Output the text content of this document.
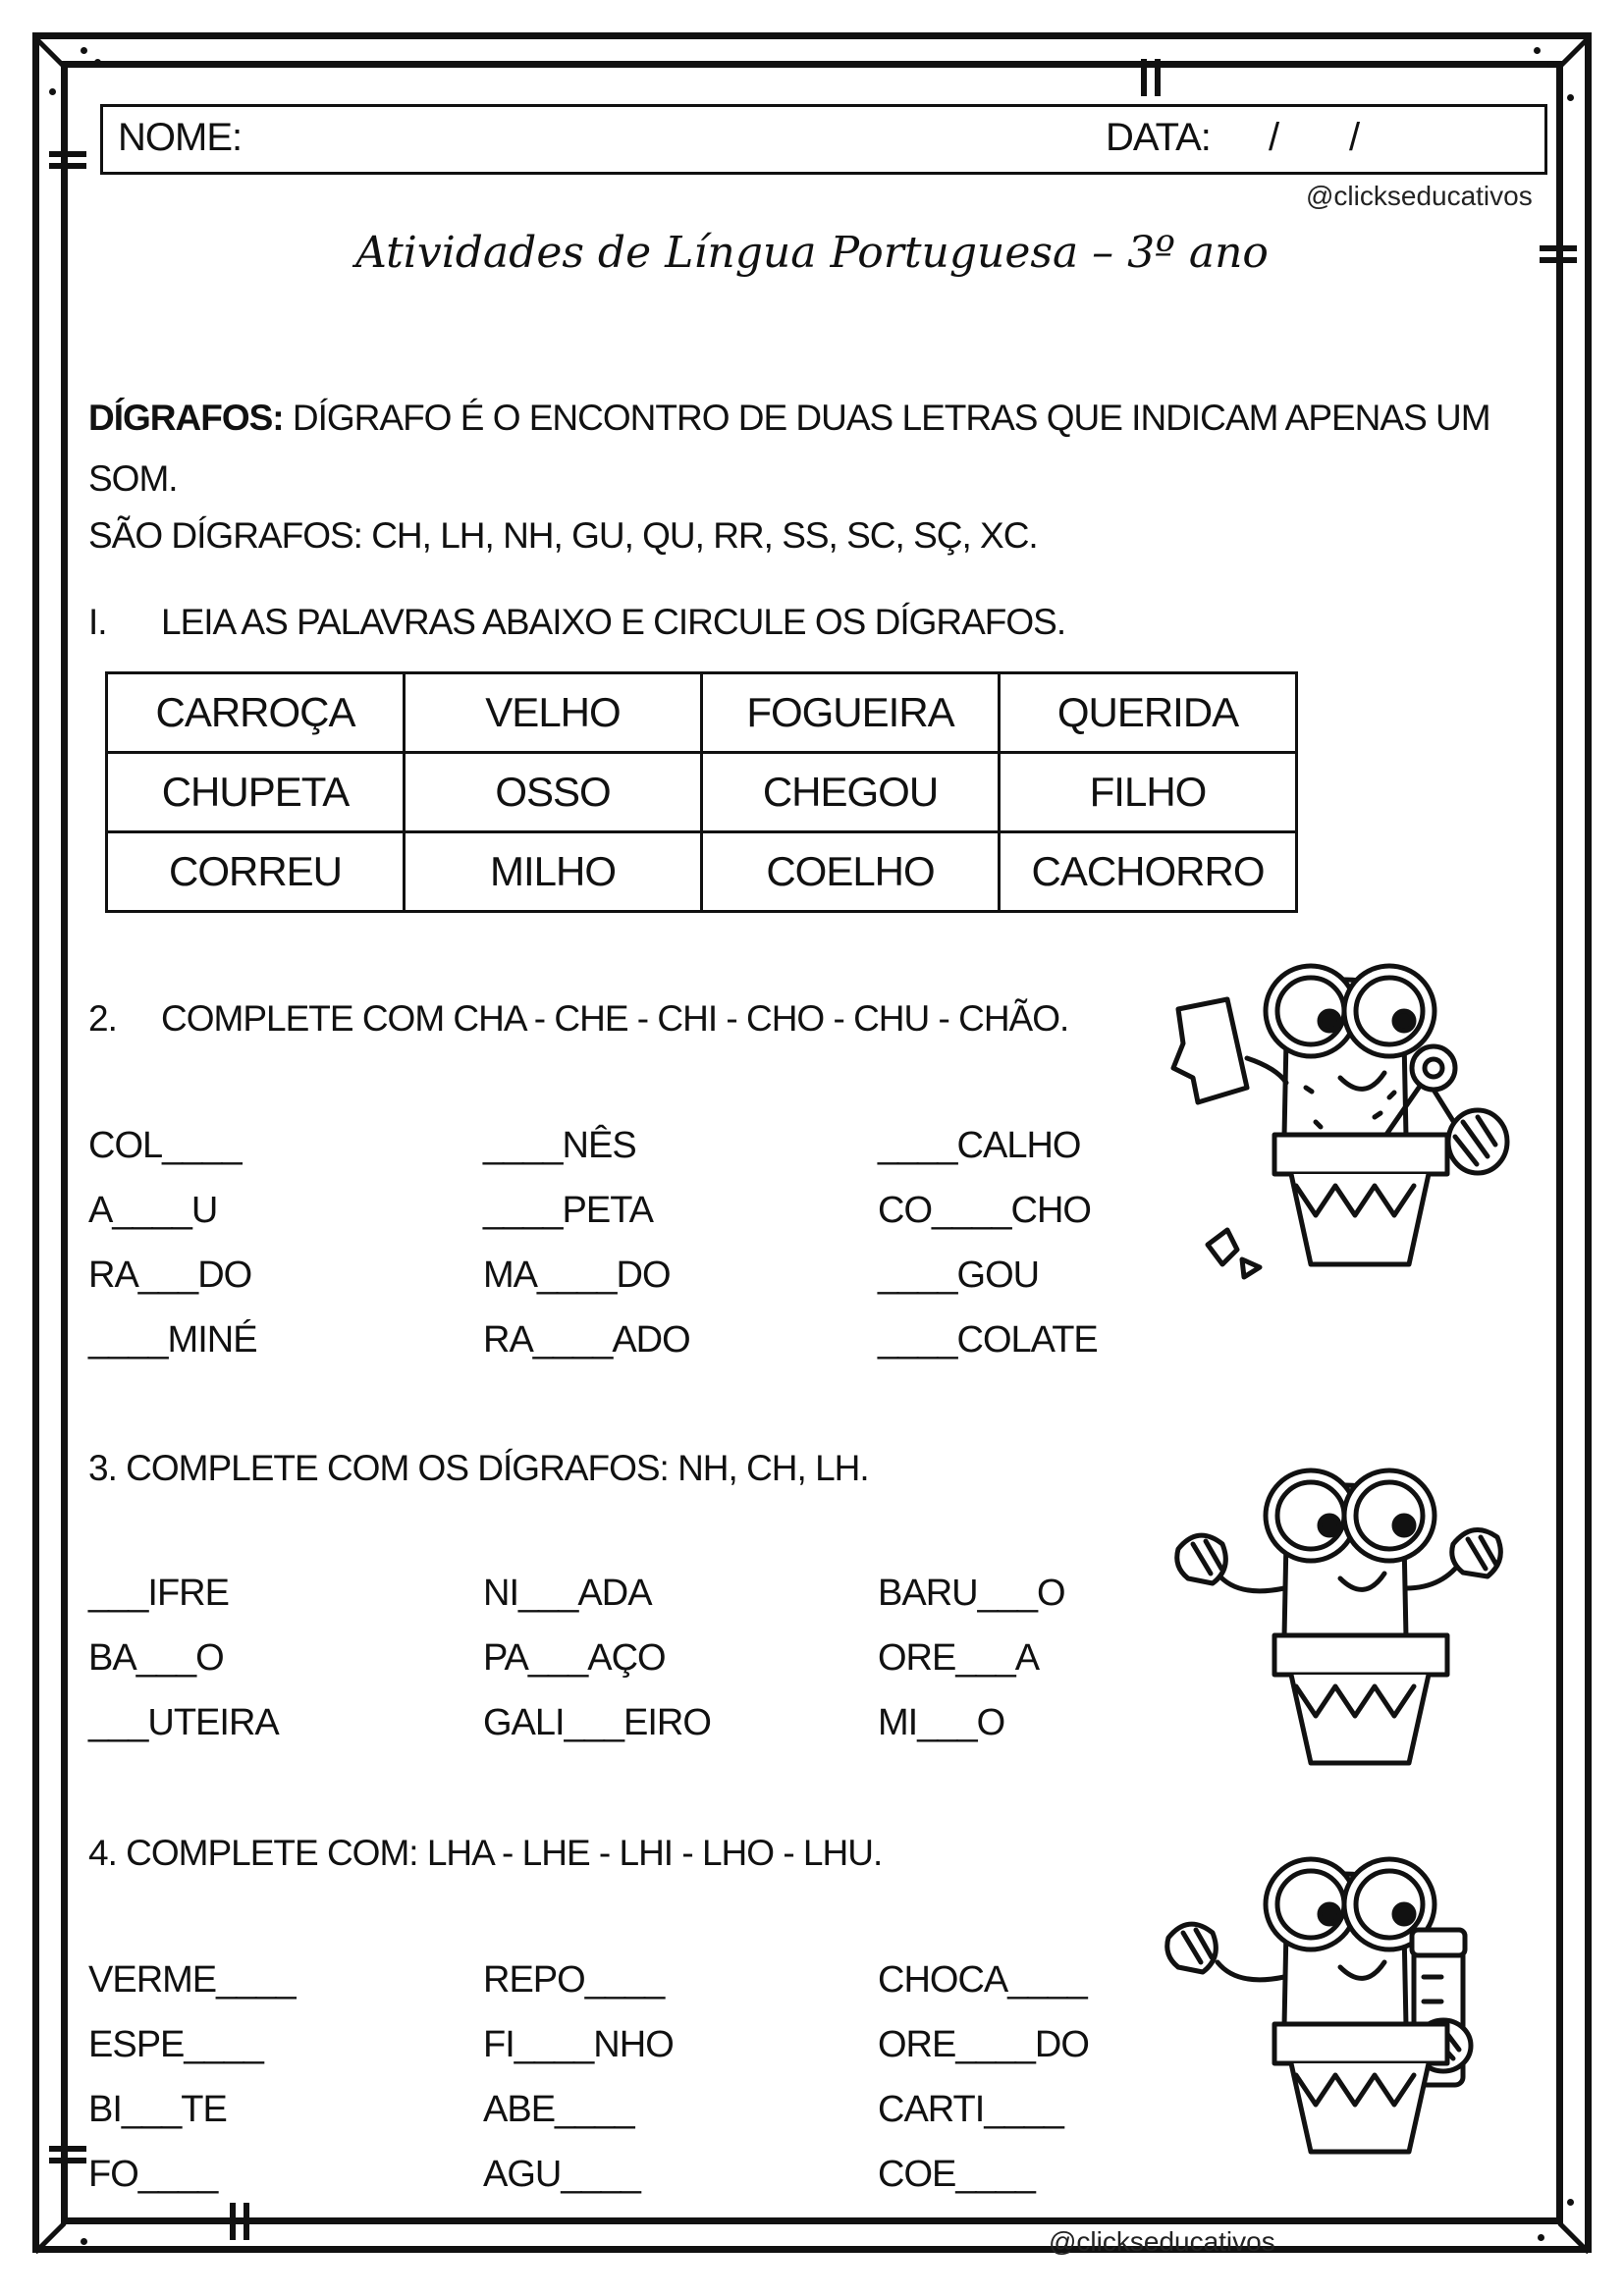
NOME:	DATA: / /
@clickseducativos
Atividades de Língua Portuguesa – 3º ano
DÍGRAFOS: DÍGRAFO É O ENCONTRO DE DUAS LETRAS QUE INDICAM APENAS UM
SOM.
SÃO DÍGRAFOS: CH, LH, NH, GU, QU, RR, SS, SC, SÇ, XC.
I. LEIA AS PALAVRAS ABAIXO E CIRCULE OS DÍGRAFOS.
CARROÇA	VELHO	FOGUEIRA	QUERIDA
CHUPETA	OSSO	CHEGOU	FILHO
CORREU	MILHO	COELHO	CACHORRO
2. COMPLETE COM CHA - CHE - CHI - CHO - CHU - CHÃO.
COL____
A____U
RA___DO
____MINÉ
____NÊS
____PETA
MA____DO
RA____ADO
____CALHO
CO____CHO
____GOU
____COLATE
3. COMPLETE COM OS DÍGRAFOS: NH, CH, LH.
___IFRE
BA___O
___UTEIRA
NI___ADA
PA___AÇO
GALI___EIRO
BARU___O
ORE___A
MI___O
4. COMPLETE COM: LHA - LHE - LHI - LHO - LHU.
VERME____
ESPE____
BI___TE
FO____
REPO____
FI____NHO
ABE____
AGU____
CHOCA____
ORE____DO
CARTI____
COE____
@clickseducativos
